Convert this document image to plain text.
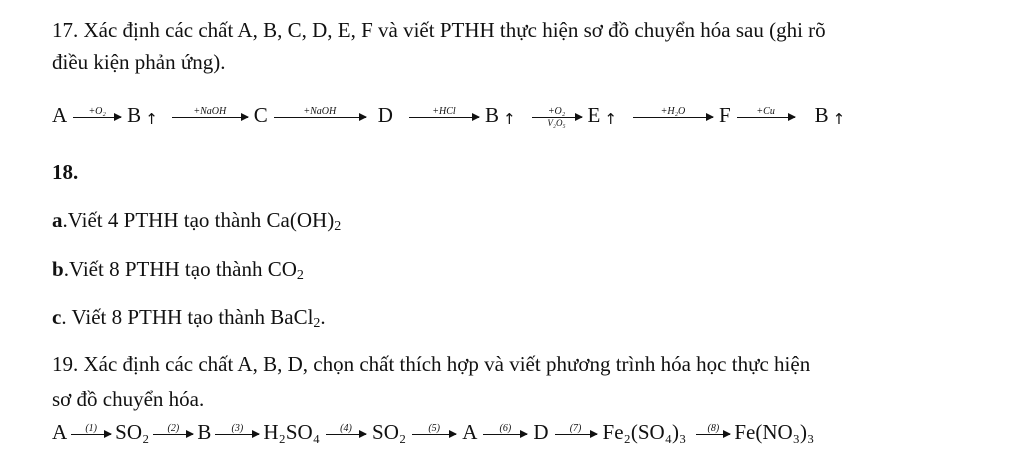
17. Xác định các chất A, B, C, D, E, F và viết PTHH thực hiện sơ đồ chuyển hóa sau (ghi rõ
điều kiện phản ứng).
A +O₂ B ↑	+NaOH C	+NaOH D	+HCl B ↑	+O₂
V₂O₅ E ↑	+H₂O F	+Cu B ↑
18.
a.Viết 4 PTHH tạo thành $Ca(OH)_2$
b.Viết 8 PTHH tạo thành $CO_2$
c. Viết 8 PTHH tạo thành BaCl$_2$.
19. Xác định các chất A, B, D, chọn chất thích hợp và viết phương trình hóa học thực hiện
sơ đồ chuyển hóa.
A (1) SO₂ (2) B (3) H₂SO₄ (4) SO₂ (5) A (6) D (7) Fe₂(SO₄)₃ (8) Fe(NO₃)₃
